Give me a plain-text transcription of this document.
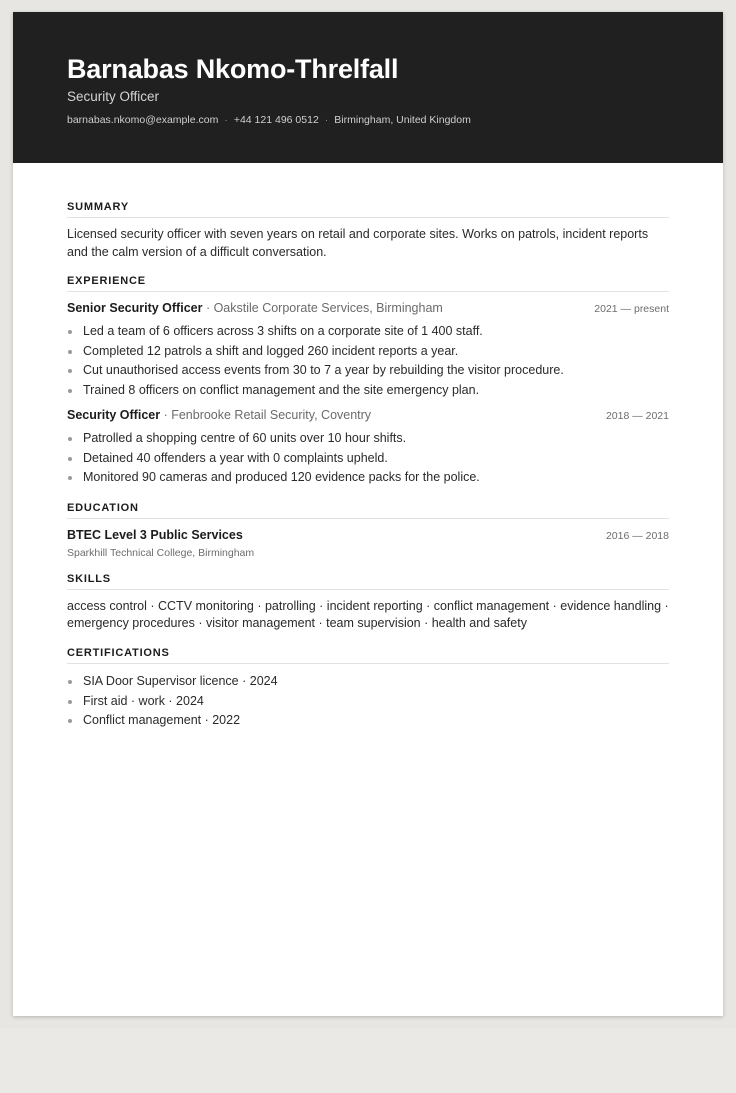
Barnabas Nkomo-Threlfall
Security Officer
barnabas.nkomo@example.com · +44 121 496 0512 · Birmingham, United Kingdom
SUMMARY
Licensed security officer with seven years on retail and corporate sites. Works on patrols, incident reports and the calm version of a difficult conversation.
EXPERIENCE
Senior Security Officer · Oakstile Corporate Services, Birmingham	2021 — present
Led a team of 6 officers across 3 shifts on a corporate site of 1 400 staff.
Completed 12 patrols a shift and logged 260 incident reports a year.
Cut unauthorised access events from 30 to 7 a year by rebuilding the visitor procedure.
Trained 8 officers on conflict management and the site emergency plan.
Security Officer · Fenbrooke Retail Security, Coventry	2018 — 2021
Patrolled a shopping centre of 60 units over 10 hour shifts.
Detained 40 offenders a year with 0 complaints upheld.
Monitored 90 cameras and produced 120 evidence packs for the police.
EDUCATION
BTEC Level 3 Public Services	2016 — 2018
Sparkhill Technical College, Birmingham
SKILLS
access control · CCTV monitoring · patrolling · incident reporting · conflict management · evidence handling · emergency procedures · visitor management · team supervision · health and safety
CERTIFICATIONS
SIA Door Supervisor licence · 2024
First aid · work · 2024
Conflict management · 2022
